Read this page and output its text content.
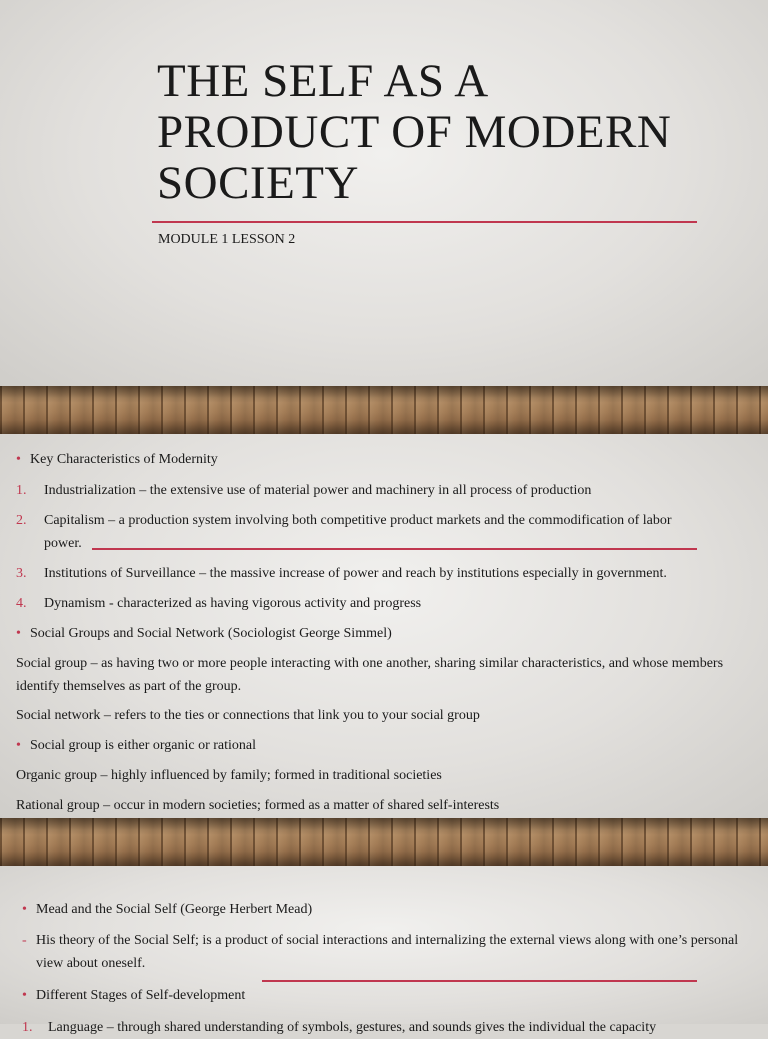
THE SELF AS A
PRODUCT OF MODERN
SOCIETY
MODULE 1 LESSON 2
• Key Characteristics of Modernity
1. Industrialization – the extensive use of material power and machinery in all process of production
2. Capitalism – a production system involving both competitive product markets and the commodification of labor
power.
3. Institutions of Surveillance – the massive increase of power and reach by institutions especially in government.
4. Dynamism - characterized as having vigorous activity and progress
• Social Groups and Social Network (Sociologist George Simmel)
Social group – as having two or more people interacting with one another, sharing similar characteristics, and whose members identify themselves as part of the group.
Social network – refers to the ties or connections that link you to your social group
• Social group is either organic or rational
Organic group – highly influenced by family; formed in traditional societies
Rational group – occur in modern societies; formed as a matter of shared self-interests
• Mead and the Social Self (George Herbert Mead)
- His theory of the Social Self; is a product of social interactions and internalizing the external views along with one’s personal view about oneself.
• Different Stages of Self-development
1. Language – through shared understanding of symbols, gestures, and sounds gives the individual the capacity
